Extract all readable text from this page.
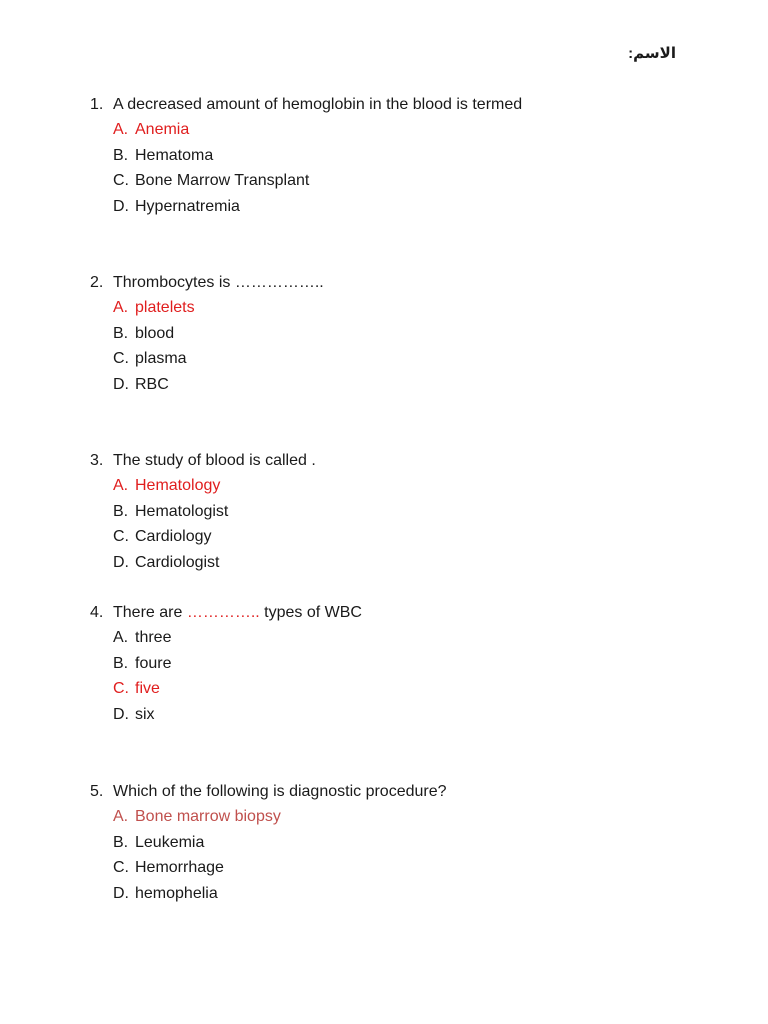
الاسم:
1. A decreased amount of hemoglobin in the blood is termed
A. Anemia
B. Hematoma
C. Bone Marrow Transplant
D. Hypernatremia
2. Thrombocytes is ……………..
A. platelets
B. blood
C. plasma
D. RBC
3. The study of blood is called .
A. Hematology
B. Hematologist
C. Cardiology
D. Cardiologist
4. There are ………….. types of WBC
A. three
B. foure
C. five
D. six
5. Which of the following is diagnostic procedure?
A. Bone marrow biopsy
B. Leukemia
C. Hemorrhage
D. hemophelia
